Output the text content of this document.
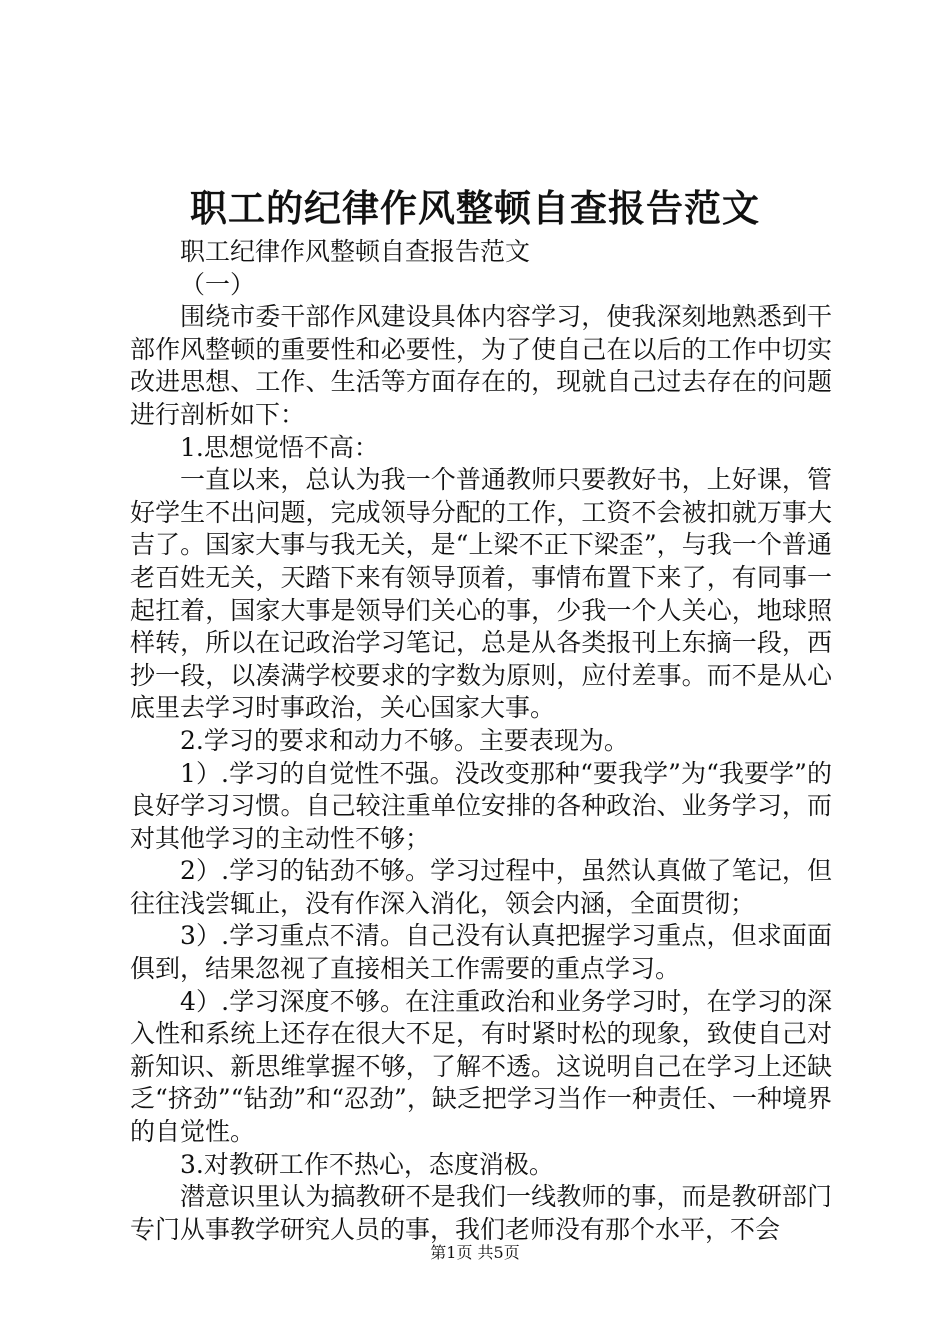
职工的纪律作风整顿自查报告范文

职工纪律作风整顿自查报告范文

（一）

围绕市委干部作风建设具体内容学习，使我深刻地熟悉到干部作风整顿的重要性和必要性，为了使自己在以后的工作中切实改进思想、工作、生活等方面存在的，现就自己过去存在的问题进行剖析如下：

1.思想觉悟不高：

一直以来，总认为我一个普通教师只要教好书，上好课，管好学生不出问题，完成领导分配的工作，工资不会被扣就万事大吉了。国家大事与我无关，是“上梁不正下梁歪”，与我一个普通老百姓无关，天踏下来有领导顶着，事情布置下来了，有同事一起扛着，国家大事是领导们关心的事，少我一个人关心，地球照样转，所以在记政治学习笔记，总是从各类报刊上东摘一段，西抄一段，以凑满学校要求的字数为原则，应付差事。而不是从心底里去学习时事政治，关心国家大事。

2.学习的要求和动力不够。主要表现为。

1）.学习的自觉性不强。没改变那种“要我学”为“我要学”的良好学习习惯。自己较注重单位安排的各种政治、业务学习，而对其他学习的主动性不够；

2）.学习的钻劲不够。学习过程中，虽然认真做了笔记，但往往浅尝辄止，没有作深入消化，领会内涵，全面贯彻；

3）.学习重点不清。自己没有认真把握学习重点，但求面面俱到，结果忽视了直接相关工作需要的重点学习。

4）.学习深度不够。在注重政治和业务学习时，在学习的深入性和系统上还存在很大不足，有时紧时松的现象，致使自己对新知识、新思维掌握不够，了解不透。这说明自己在学习上还缺乏“挤劲”“钻劲”和“忍劲”，缺乏把学习当作一种责任、一种境界的自觉性。

3.对教研工作不热心，态度消极。

潜意识里认为搞教研不是我们一线教师的事，而是教研部门专门从事教学研究人员的事，我们老师没有那个水平，不会

第1页 共5页
